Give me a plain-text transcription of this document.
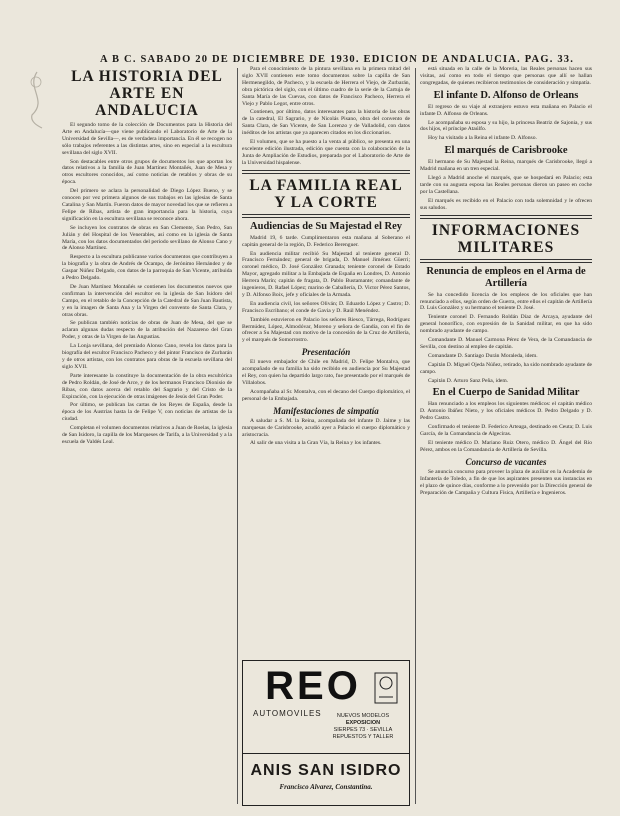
A B C. SABADO 20 DE DICIEMBRE DE 1930. EDICION DE ANDALUCIA. PAG. 33.
LA HISTORIA DEL ARTE EN ANDALUCIA

El segundo tomo de la colección de Documentos para la Historia del Arte en Andalucía—que viene publicando el Laboratorio de Arte de la Universidad de Sevilla—, es de verdadera importancia. En él se recogen no sólo trabajos referentes a las distintas artes, sino en especial a la escultura sevillana del siglo XVII.

Son destacables entre otros grupos de documentos los que aportan los datos relativos a la familia de Juan Martínez Montañés, Juan de Mesa y otros escultores conocidos, así como noticias de retablos y obras de su época.

Del primero se aclara la personalidad de Diego López Bueno, y se conocen por vez primera algunos de sus trabajos en las iglesias de Santa Catalina y San Martín. Fueron datos de mayor novedad los que se refieren a Felipe de Ribas, artista de gran importancia para la historia, cuya significación en la escultura sevillana se reconoce ahora.

Se incluyen los contratos de obras en San Clemente, San Pedro, San Julián y del Hospital de los Venerables, así como en la iglesia de Santa María, con los datos documentados del periodo sevillano de Alonso Cano y de Alonso Martínez.

Respecto a la escultura publicanse varios documentos que contribuyen a la biografía y la obra de Andrés de Ocampo, de Jerónimo Hernández y de Gaspar Núñez Delgado, con datos de la parroquia de San Vicente, atribuida a Pedro Delgado.

De Juan Martínez Montañés se contienen los documentos nuevos que confirman la intervención del escultor en la iglesia de San Isidoro del Campo, en el retablo de la Concepción de la Catedral de San Juan Bautista, y en la imagen de Santa Ana y la Virgen del convento de Santa Clara, y otras obras.

Se publican también noticias de obras de Juan de Mesa, del que se aclaran algunas dudas respecto de la atribución del Nazareno del Gran Poder, y otras de la Virgen de las Angustias.

La Lonja sevillana, del premiado Alonso Cano, revela los datos para la biografía del escultor Francisco Pacheco y del pintor Francisco de Zurbarán y de otros artistas, con los contratos para obras de la escuela sevillana del siglo XVII.

Parte interesante la constituye la documentación de la obra escultórica de Pedro Roldán, de José de Arce, y de los hermanos Francisco Dionisio de Ribas, con datos acerca del retablo del Sagrario y del Cristo de la Expiración, con la ejecución de otras imágenes de Jesús del Gran Poder.

Por último, se publican las cartas de los Reyes de España, desde la época de los Austrias hasta la de Felipe V, con noticias de artistas de la ciudad.

Completan el volumen documentos relativos a Juan de Roelas, la iglesia de San Isidoro, la capilla de los Marqueses de Tarifa, a la Universidad y a la escuela de Valdés Leal.

Para el conocimiento de la pintura sevillana en la primera mitad del siglo XVII contienen este tomo documentos sobre la capilla de San Hermenegildo, de Pacheco, y la escuela de Herrera el Viejo, de Zurbarán, obra pictórica del siglo, con el último cuadro de la serie de la Cartuja de Santa María de las Cuevas, con datos de Francisco Pacheco, Herrera el Viejo y Pablo Legot, entre otros.

Contienen, por último, datos interesantes para la historia de las obras de la catedral, El Sagrario, y de Nicolás Pisano, obra del convento de Santa Clara, de San Vicente, de San Lorenzo y de Valladolid, con datos inéditos de los artistas que ya aparecen citados en los diccionarios.

El volumen, que se ha puesto a la venta al público, se presenta en una excelente edición ilustrada, edición que cuenta con la colaboración de la Junta de Ampliación de Estudios, preparada por el Laboratorio de Arte de la Universidad hispalense.

LA FAMILIA REAL Y LA CORTE
Audiencias de Su Majestad el Rey

Madrid 19, 6 tarde. Cumplimentaron esta mañana al Soberano el capitán general de la región, D. Federico Berenguer.

En audiencia militar recibió Su Majestad al teniente general D. Francisco Fernández; general de brigada, D. Manuel Jiménez Güerri; coronel médico, D. José González Granada; teniente coronel de Estado Mayor, agregado militar a la Embajada de España en Londres, D. Antonio Herrera Marín; capitán de fragata, D. Pablo Bustamante; comandante de ingenieros, D. Rafael López; marino de Caballería, D. Victor Pérez Santos, y D. Alfonso Boix, jefe y oficiales de la Armada.

En audiencia civil, los señores Oliván; D. Eduardo López y Castro; D. Francisco Escribano; el conde de Gavia y D. Raúl Menéndez.

También estuvieron en Palacio los señores Riesco, Tárrega, Rodríguez Bermúdez, López, Almodóvar, Moreno y señora de Gandía, con el fin de ofrecer a Su Majestad con motivo de la concesión de la Cruz de Artillería, y el marqués de Somorrostro.

Presentación

El nuevo embajador de Chile en Madrid, D. Felipe Montalva, que acompañado de su familia ha sido recibido en audiencia por Su Majestad el Rey, con quien ha departido largo rato, fue presentado por el marqués de Villalobos.

Acompañaba al Sr. Montalva, con el decano del Cuerpo diplomático, el personal de la Embajada.

Manifestaciones de simpatía

A saludar a S. M. la Reina, acompañada del infante D. Jaime y las marquesas de Carisbrooke, acudió ayer a Palacio el cuerpo diplomático y aristocracia.

Al salir de una visita a la Gran Vía, la Reina y los infantes.

REO
AUTOMOVILES	NUEVOS MODELOS
EXPOSICION
SIERPES 73 · SEVILLA
REPUESTOS Y TALLER
ANIS SAN ISIDRO
Francisco Alvarez, Constantina.

está situada en la calle de la Moreria, las Reales personas hacen sus visitas, así como en todo el tiempo que personas que allí se hallan congregadas, de quienes recibieron testimonios de consideración y simpatía.

El infante D. Alfonso de Orleans

El regreso de su viaje al extranjero estuvo esta mañana en Palacio el infante D. Alfonso de Orleans.

Le acompañaba su esposa y su hijo, la princesa Beatriz de Sajonia, y sus dos hijos, el príncipe Ataúlfo.

Hoy ha visitado a la Reina el infante D. Alfonso.

El marqués de Carisbrooke

El hermano de Su Majestad la Reina, marqués de Carisbrooke, llegó a Madrid mañana en un tren especial.

Llegó a Madrid anoche el marqués, que se hospedará en Palacio; esta tarde con su augusta esposa las Reales personas dieron un paseo en coche por la Castellana.

El marqués es recibido en el Palacio con toda solemnidad y le ofrecen sus saludos.

INFORMACIONES MILITARES
Renuncia de empleos en el Arma de Artillería

Se ha concedido licencia de los empleos de los oficiales que han renunciado a ellos, según orden de Guerra, entre ellos el capitán de Artillería D. Luis González y su hermano el teniente D. José.

Teniente coronel D. Fernando Roldán Díaz de Arcaya, ayudante del general honorífico, con expresión de la Sanidad militar, en que ha sido nombrado ayudante de campo.

Comandante D. Manuel Carmona Pérez de Vera, de la Comandancia de Sevilla, con destino al empleo de capitán.

Comandante D. Santiago Durán Moraleda, idem.

Capitán D. Miguel Ojeda Núñez, retirado, ha sido nombrado ayudante de campo.

Capitán D. Arturo Sanz Peña, idem.

En el Cuerpo de Sanidad Militar

Han renunciado a los empleos los siguientes médicos: el capitán médico D. Antonio Ibáñez Nieto, y los oficiales médicos D. Pedro Delgado y D. Pedro Castro.

Confirmado el teniente D. Federico Arteaga, destinado en Ceuta; D. Luis García, de la Comandancia de Algeciras.

El teniente médico D. Mariano Ruiz Otero, médico D. Ángel del Río Pérez, ambos en la Comandancia de Artillería de Sevilla.

Concurso de vacantes

Se anuncia concurso para proveer la plaza de auxiliar en la Academia de Infantería de Toledo, a fin de que los aspirantes presenten sus instancias en el plazo de quince días, conforme a lo prevenido por la Dirección general de Preparación de Campaña y Cultura Física, Artillería e Ingenieros.
